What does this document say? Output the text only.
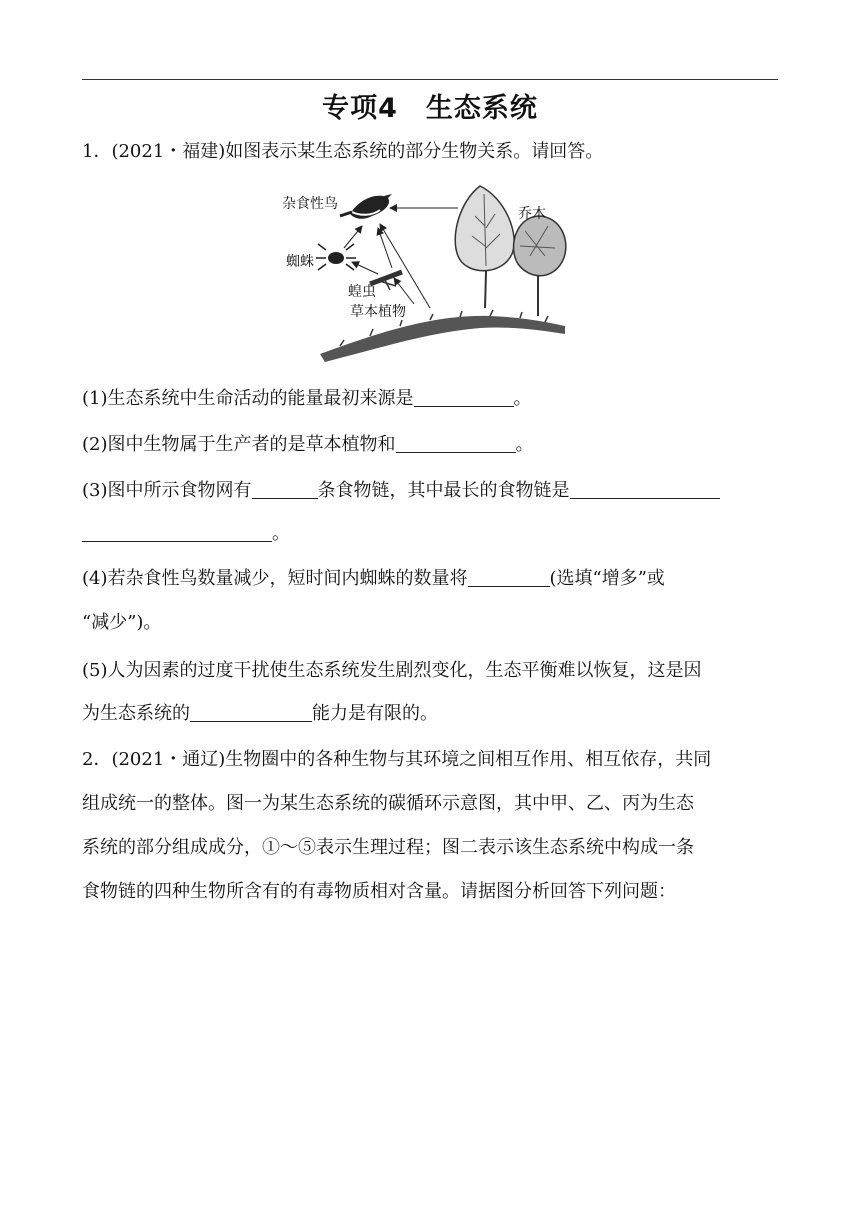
专项4　生态系统
1．(2021・福建)如图表示某生态系统的部分生物关系。请回答。
杂食性鸟
乔木
蜘蛛
蝗虫
草本植物
(1)生态系统中生命活动的能量最初来源是	。
(2)图中生物属于生产者的是草本植物和	。
(3)图中所示食物网有	条食物链，其中最长的食物链是
。
(4)若杂食性鸟数量减少，短时间内蜘蛛的数量将	(选填“增多”或
“减少”)。
(5)人为因素的过度干扰使生态系统发生剧烈变化，生态平衡难以恢复，这是因
为生态系统的	能力是有限的。
2．(2021・通辽)生物圈中的各种生物与其环境之间相互作用、相互依存，共同
组成统一的整体。图一为某生态系统的碳循环示意图，其中甲、乙、丙为生态
系统的部分组成成分，①～⑤表示生理过程；图二表示该生态系统中构成一条
食物链的四种生物所含有的有毒物质相对含量。请据图分析回答下列问题：
